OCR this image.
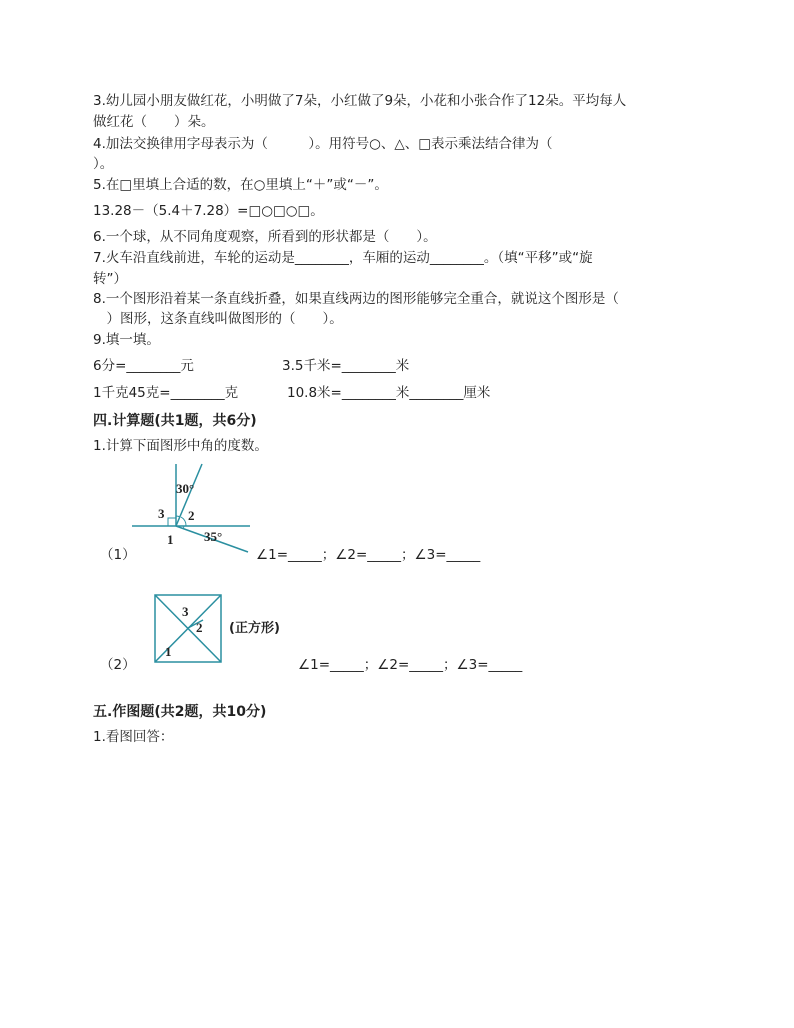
3.幼儿园小朋友做红花，小明做了7朵，小红做了9朵，小花和小张合作了12朵。平均每人
做红花（　　）朵。
4.加法交换律用字母表示为（　　　）。用符号○、△、□表示乘法结合律为（
）。
5.在□里填上合适的数，在○里填上“＋”或“－”。
13.28－（5.4＋7.28）=□○□○□。
6.一个球，从不同角度观察，所看到的形状都是（　　）。
7.火车沿直线前进，车轮的运动是________，车厢的运动________。（填“平移”或“旋
转”）
8.一个图形沿着某一条直线折叠，如果直线两边的图形能够完全重合，就说这个图形是（
　）图形，这条直线叫做图形的（　　）。
9.填一填。
6分=________元	3.5千米=________米
1千克45克=________克	10.8米=________米________厘米
四.计算题(共1题，共6分)
1.计算下面图形中角的度数。
（1）
30°
3 2
1 35°
∠1=_____；∠2=_____；∠3=_____
（2）
3
2
1
(正方形)
∠1=_____；∠2=_____；∠3=_____
五.作图题(共2题，共10分)
1.看图回答：
